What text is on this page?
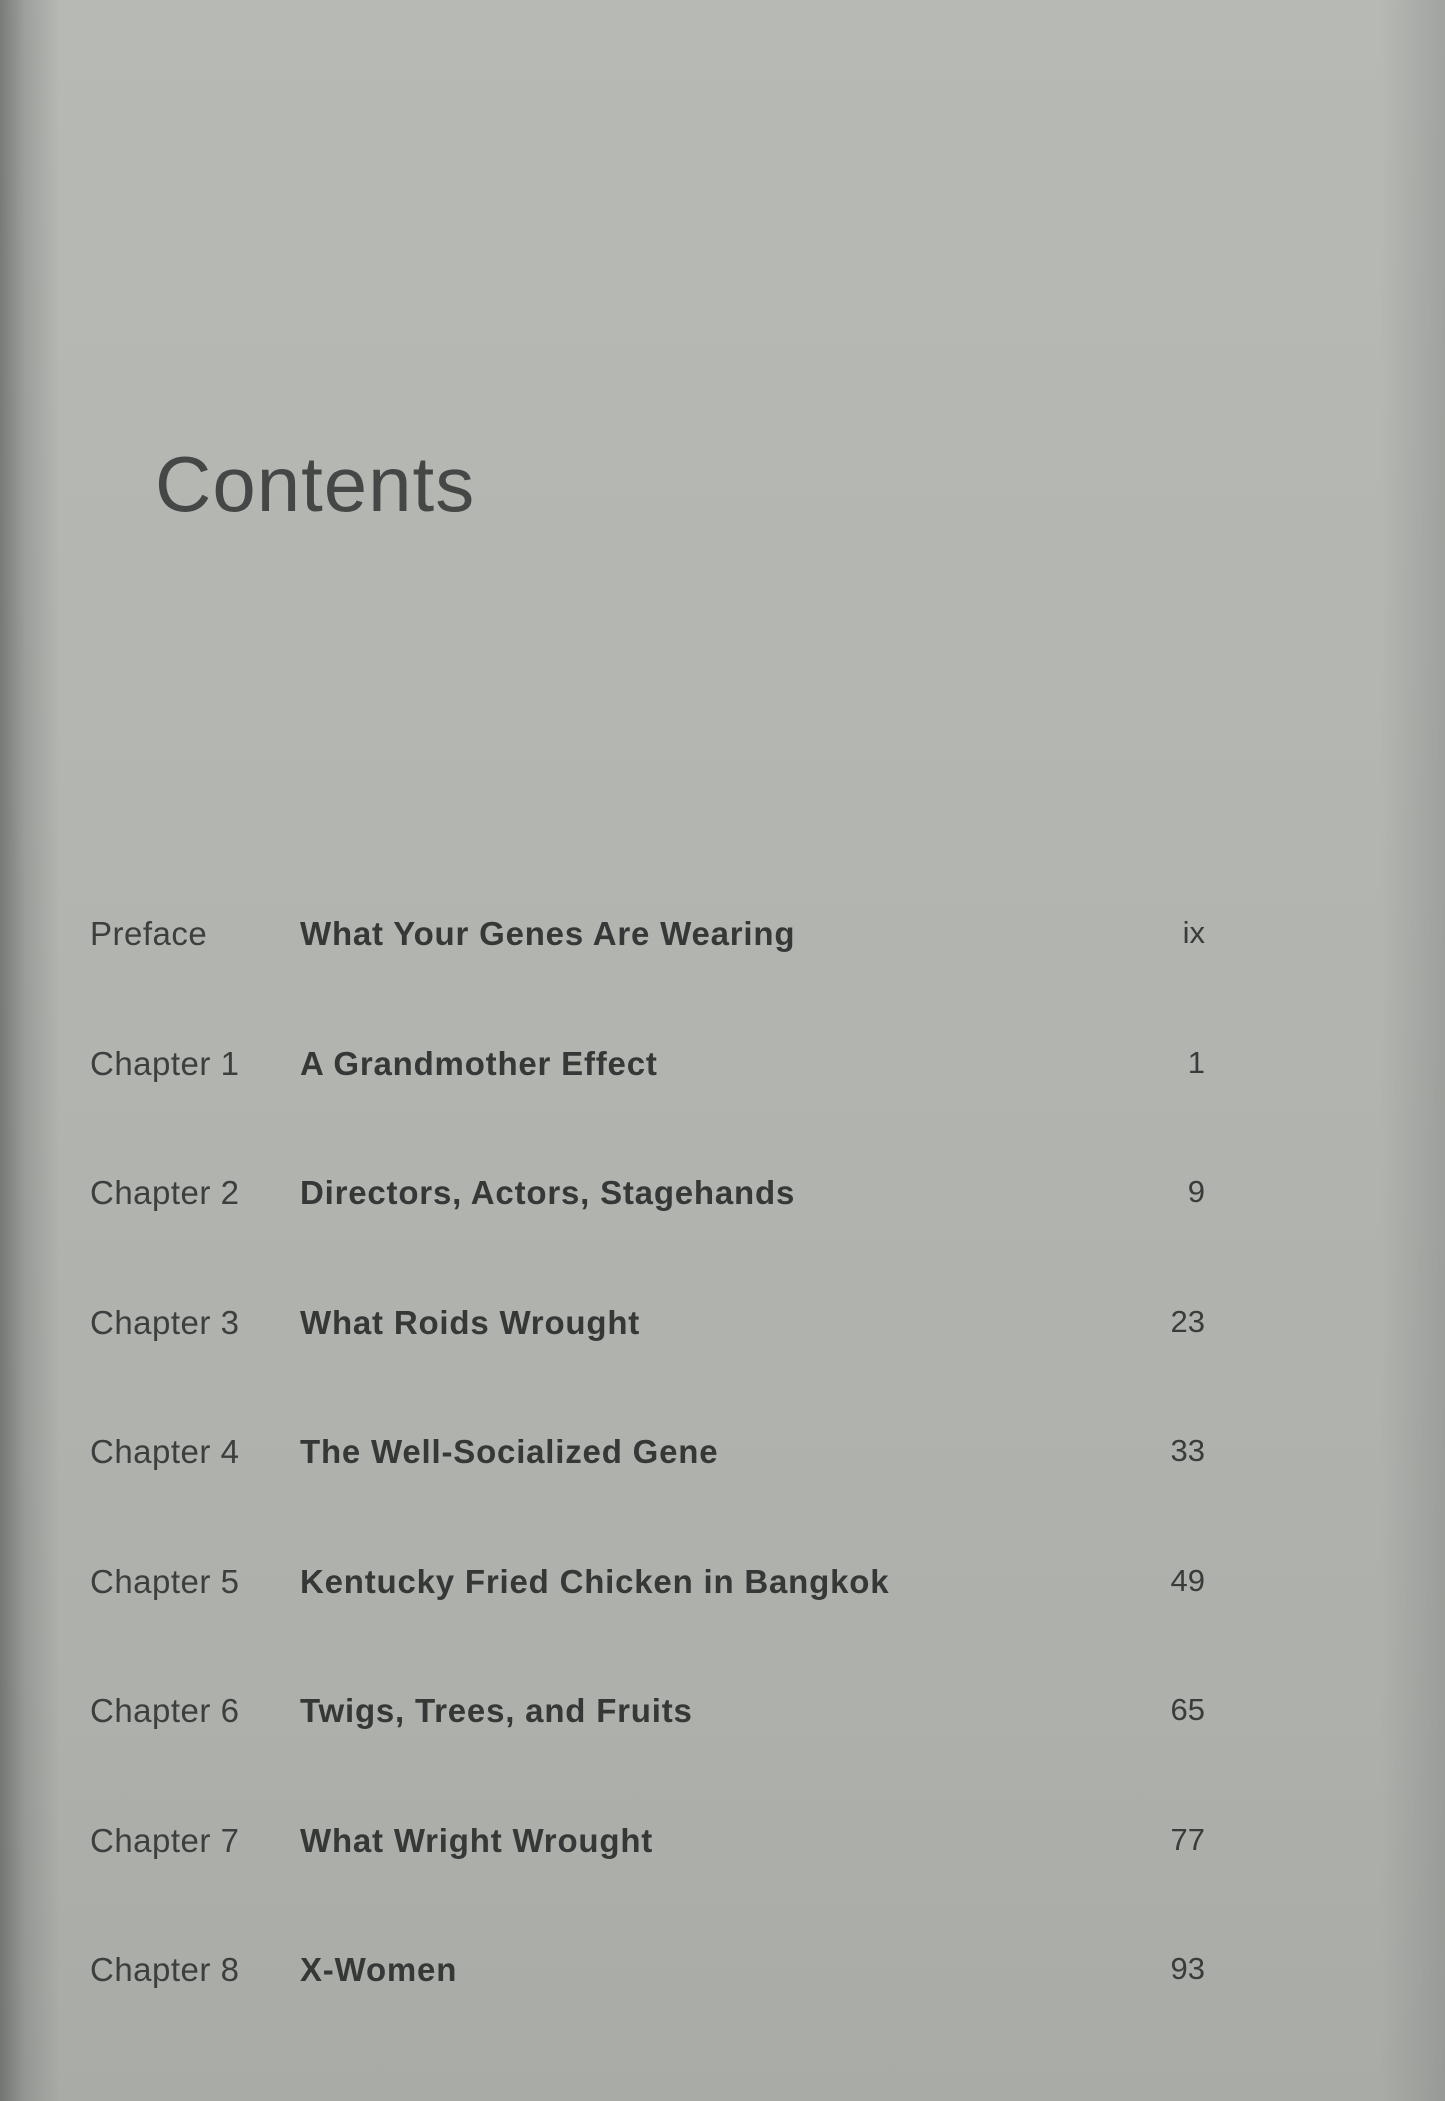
Contents
Preface	What Your Genes Are Wearing	ix
Chapter 1 A Grandmother Effect	1
Chapter 2 Directors, Actors, Stagehands	9
Chapter 3 What Roids Wrought	23
Chapter 4 The Well-Socialized Gene	33
Chapter 5 Kentucky Fried Chicken in Bangkok	49
Chapter 6 Twigs, Trees, and Fruits	65
Chapter 7 What Wright Wrought	77
Chapter 8 X-Women	93
